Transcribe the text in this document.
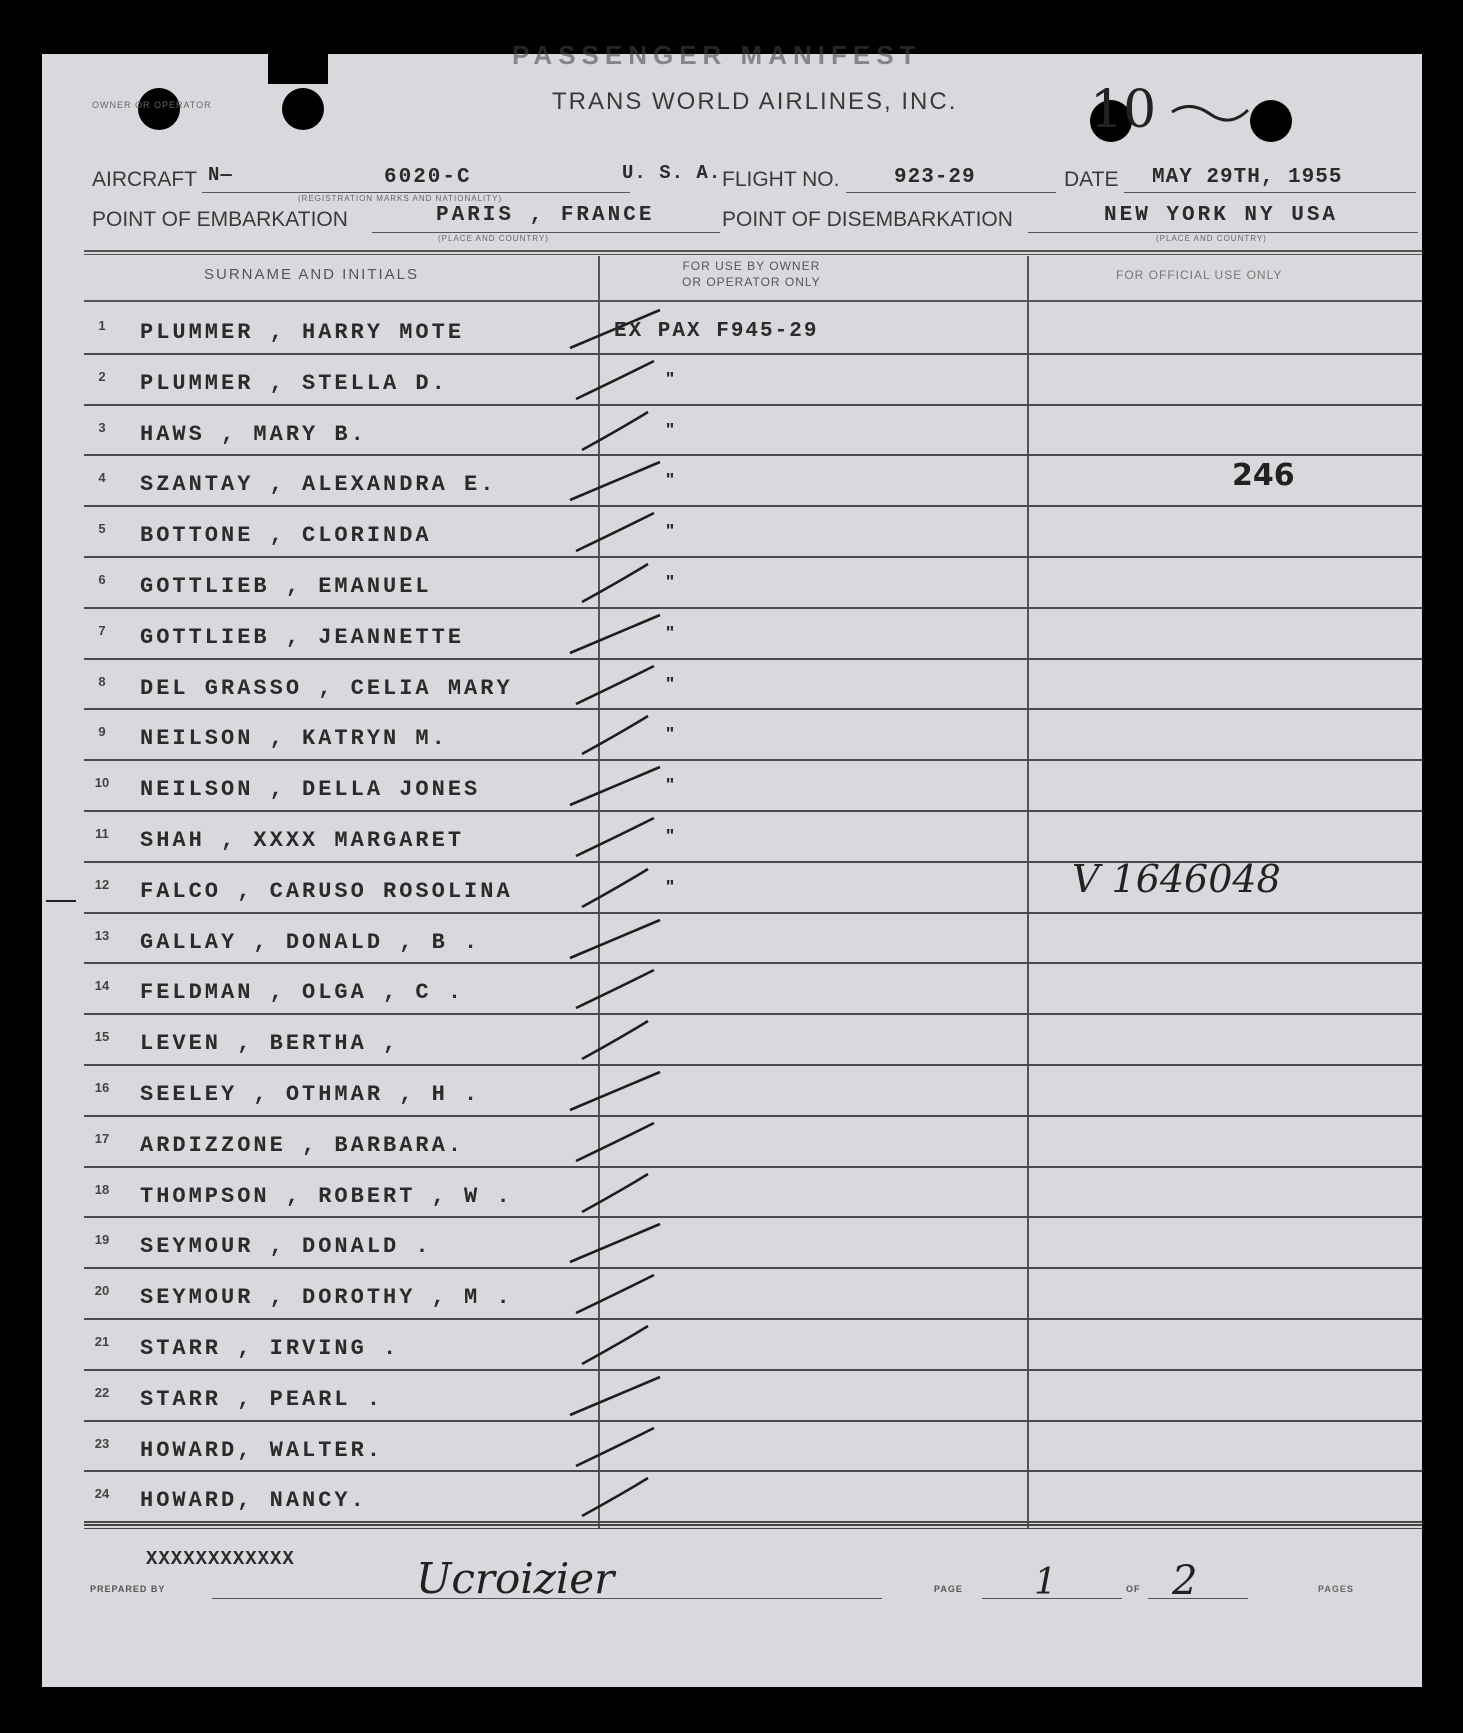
PASSENGER MANIFEST
OWNER OR OPERATOR	TRANS WORLD AIRLINES, INC.	10
AIRCRAFT N—	6020-C
(REGISTRATION MARKS AND NATIONALITY)
U. S. A. FLIGHT NO.	923-29	DATE MAY 29TH, 1955
POINT OF EMBARKATION	PARIS , FRANCE
(PLACE AND COUNTRY)
POINT OF DISEMBARKATION	NEW YORK NY USA
(PLACE AND COUNTRY)
SURNAME AND INITIALS	FOR USE BY OWNER
OR OPERATOR ONLY	FOR OFFICIAL USE ONLY
1	PLUMMER , HARRY MOTE	EX PAX F945-29
2	PLUMMER , STELLA D.	"
3	HAWS , MARY B.	"
4	SZANTAY , ALEXANDRA E.	"	246
5	BOTTONE , CLORINDA	"
6	GOTTLIEB , EMANUEL	"
7	GOTTLIEB , JEANNETTE	"
8	DEL GRASSO , CELIA MARY	"
9	NEILSON , KATRYN M.	"
10 NEILSON , DELLA JONES	"
11 SHAH , XXXX MARGARET	"
12 FALCO , CARUSO ROSOLINA	"	V 1646048
13 GALLAY , DONALD , B .
14 FELDMAN , OLGA , C .
15 LEVEN , BERTHA ,
16 SEELEY , OTHMAR , H .
17 ARDIZZONE , BARBARA.
18 THOMPSON , ROBERT , W .
19 SEYMOUR , DONALD .
20 SEYMOUR , DOROTHY , M .
21 STARR , IRVING .
22 STARR , PEARL .
23 HOWARD, WALTER.
24 HOWARD, NANCY.
XXXXXXXXXXXX	Ucroizier
PREPARED BY	PAGE 1	OF 2	PAGES
